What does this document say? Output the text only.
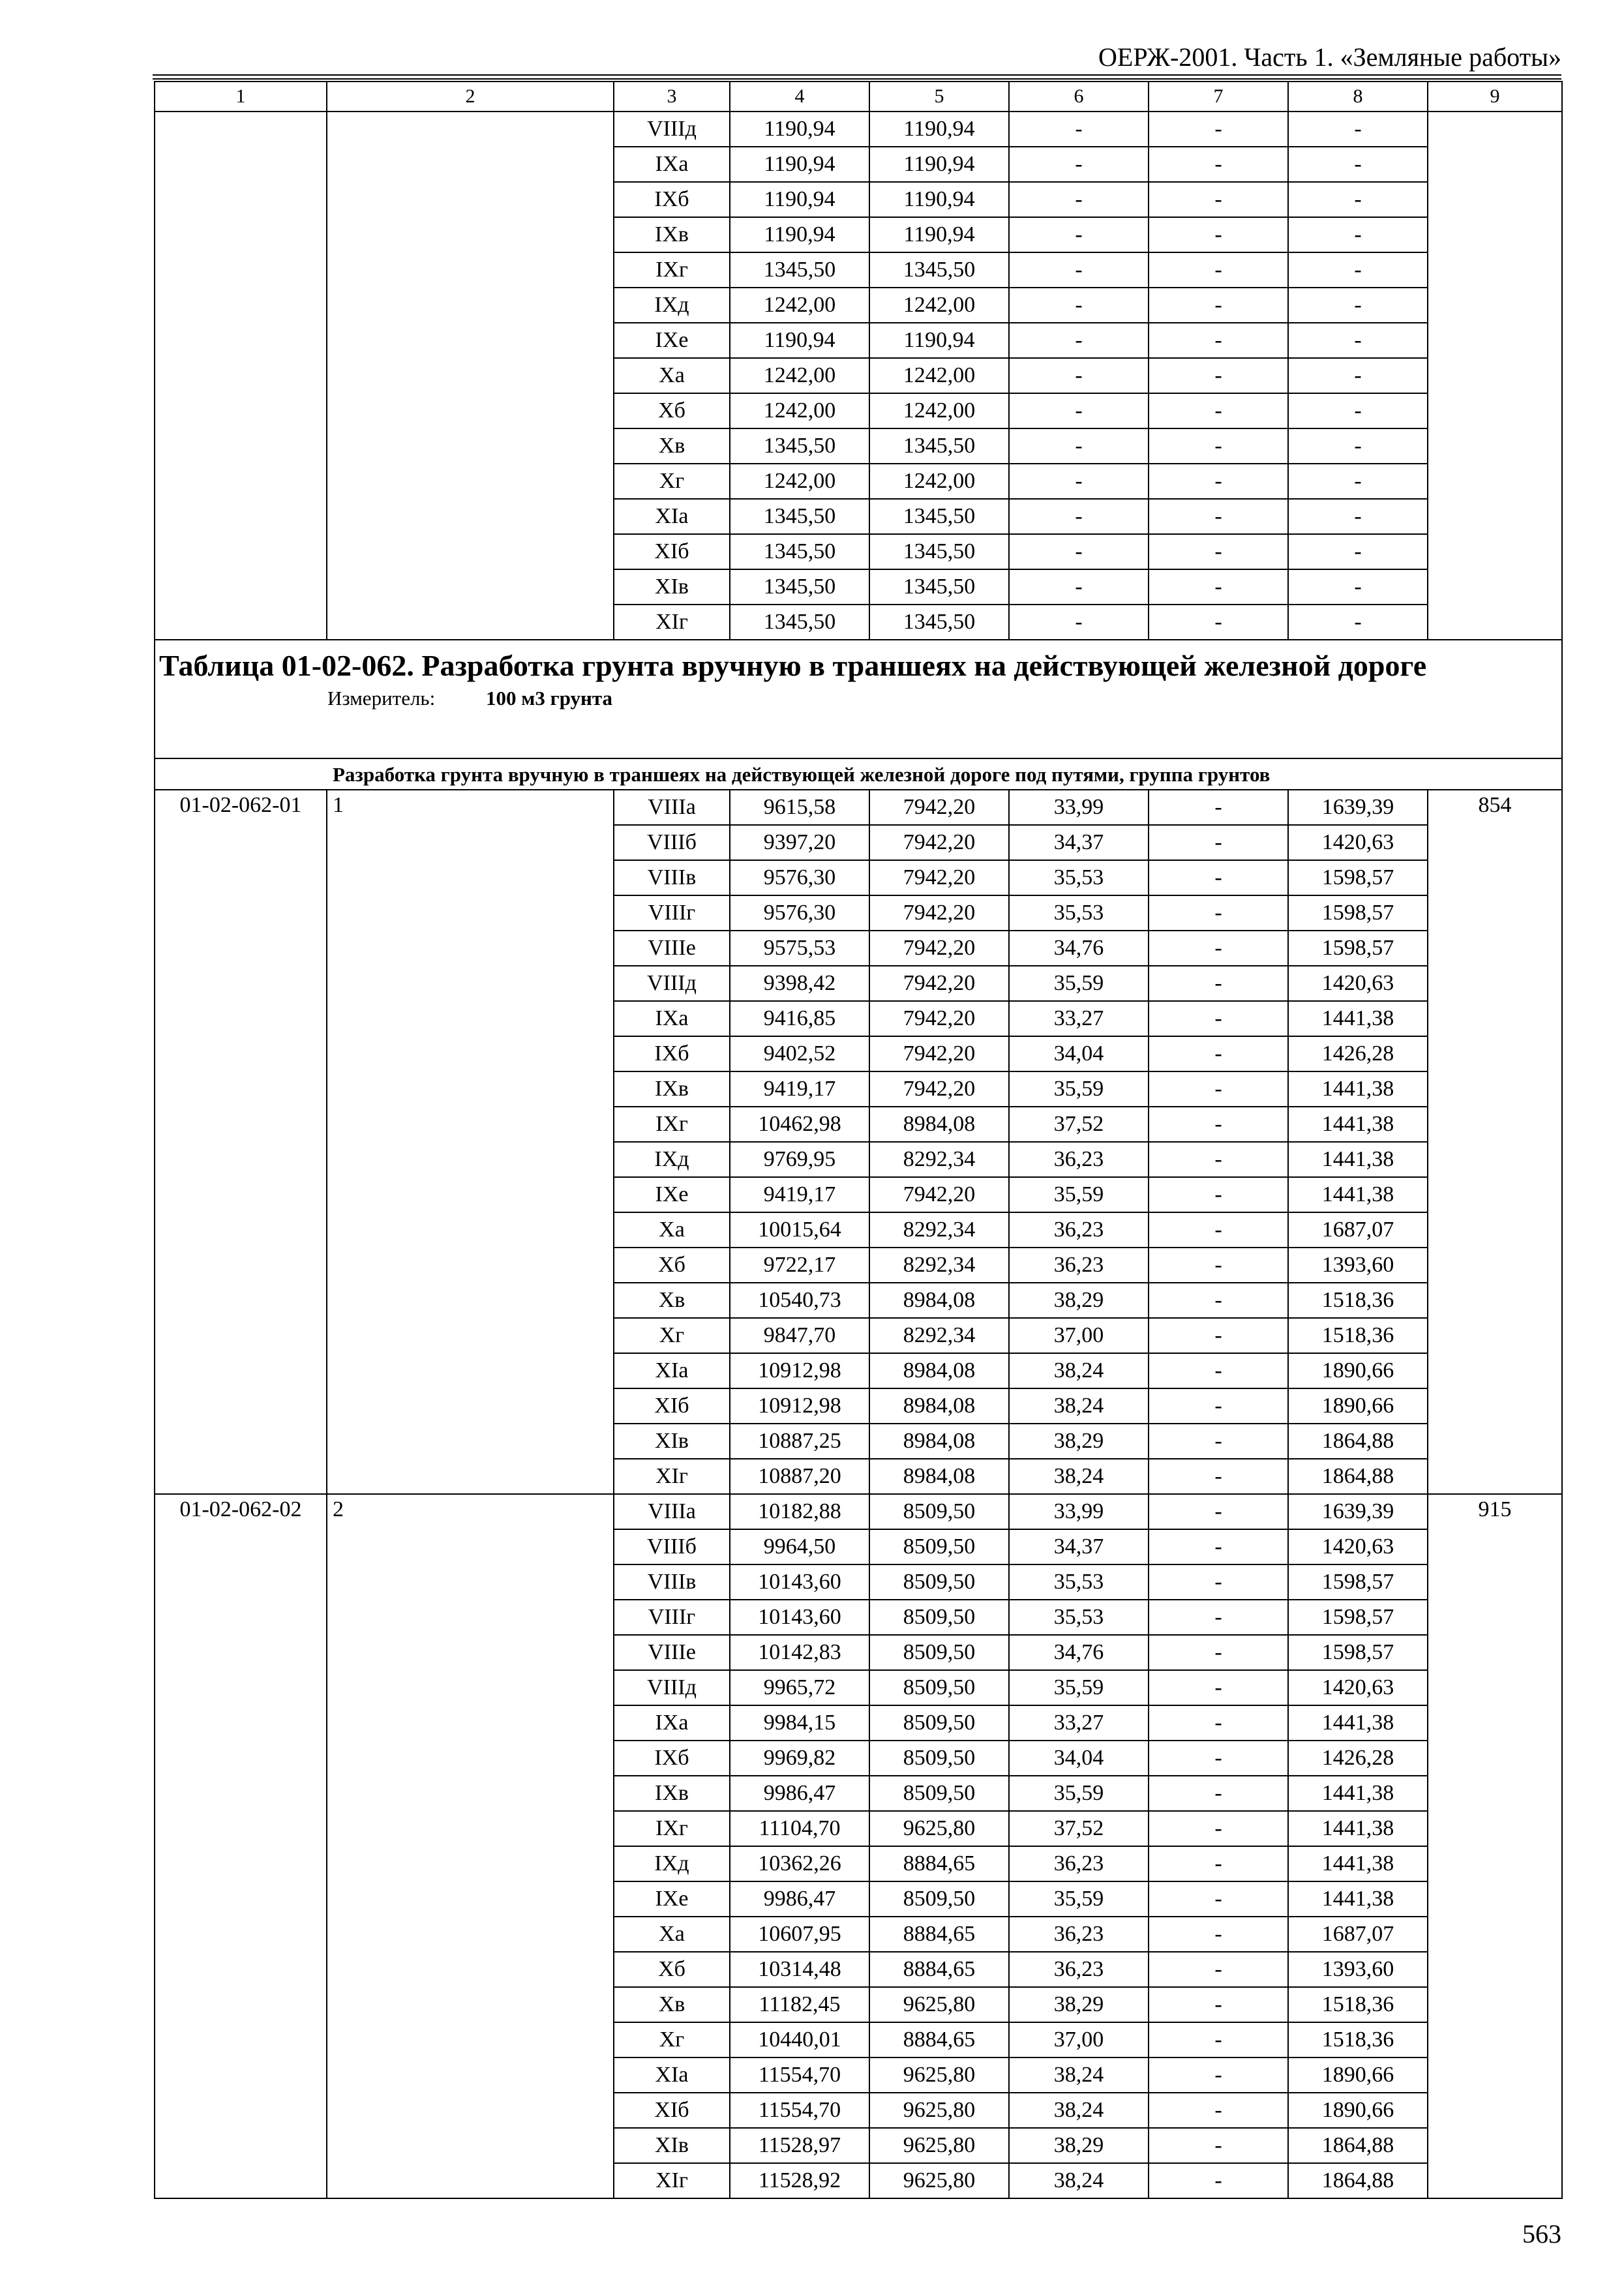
ОЕРЖ-2001. Часть 1. «Земляные работы»
1	2	3	4	5	6	7	8	9
		VIIIд	1190,94	1190,94	-	-	-	
		IXa	1190,94	1190,94	-	-	-	
		IXб	1190,94	1190,94	-	-	-	
		IXв	1190,94	1190,94	-	-	-	
		IXг	1345,50	1345,50	-	-	-	
		IXд	1242,00	1242,00	-	-	-	
		IXe	1190,94	1190,94	-	-	-	
		Xa	1242,00	1242,00	-	-	-	
		Xб	1242,00	1242,00	-	-	-	
		Xв	1345,50	1345,50	-	-	-	
		Xг	1242,00	1242,00	-	-	-	
		XIa	1345,50	1345,50	-	-	-	
		XIб	1345,50	1345,50	-	-	-	
		XIв	1345,50	1345,50	-	-	-	
		XIг	1345,50	1345,50	-	-	-	

Таблица 01-02-062. Разработка грунта вручную в траншеях на действующей железной дороге
Измеритель: 100 м3 грунта								

Разработка грунта вручную в траншеях на действующей железной дороге под путями, группа грунтов								
01-02-062-01	1	VIIIa	9615,58	7942,20	33,99	-	1639,39	854
		VIIIб	9397,20	7942,20	34,37	-	1420,63	
		VIIIв	9576,30	7942,20	35,53	-	1598,57	
		VIIIг	9576,30	7942,20	35,53	-	1598,57	
		VIIIe	9575,53	7942,20	34,76	-	1598,57	
		VIIIд	9398,42	7942,20	35,59	-	1420,63	
		IXa	9416,85	7942,20	33,27	-	1441,38	
		IXб	9402,52	7942,20	34,04	-	1426,28	
		IXв	9419,17	7942,20	35,59	-	1441,38	
		IXг	10462,98	8984,08	37,52	-	1441,38	
		IXд	9769,95	8292,34	36,23	-	1441,38	
		IXe	9419,17	7942,20	35,59	-	1441,38	
		Xa	10015,64	8292,34	36,23	-	1687,07	
		Xб	9722,17	8292,34	36,23	-	1393,60	
		Xв	10540,73	8984,08	38,29	-	1518,36	
		Xг	9847,70	8292,34	37,00	-	1518,36	
		XIa	10912,98	8984,08	38,24	-	1890,66	
		XIб	10912,98	8984,08	38,24	-	1890,66	
		XIв	10887,25	8984,08	38,29	-	1864,88	
		XIг	10887,20	8984,08	38,24	-	1864,88	
01-02-062-02	2	VIIIa	10182,88	8509,50	33,99	-	1639,39	915
		VIIIб	9964,50	8509,50	34,37	-	1420,63	
		VIIIв	10143,60	8509,50	35,53	-	1598,57	
		VIIIг	10143,60	8509,50	35,53	-	1598,57	
		VIIIe	10142,83	8509,50	34,76	-	1598,57	
		VIIIд	9965,72	8509,50	35,59	-	1420,63	
		IXa	9984,15	8509,50	33,27	-	1441,38	
		IXб	9969,82	8509,50	34,04	-	1426,28	
		IXв	9986,47	8509,50	35,59	-	1441,38	
		IXг	11104,70	9625,80	37,52	-	1441,38	
		IXд	10362,26	8884,65	36,23	-	1441,38	
		IXe	9986,47	8509,50	35,59	-	1441,38	
		Xa	10607,95	8884,65	36,23	-	1687,07	
		Xб	10314,48	8884,65	36,23	-	1393,60	
		Xв	11182,45	9625,80	38,29	-	1518,36	
		Xг	10440,01	8884,65	37,00	-	1518,36	
		XIa	11554,70	9625,80	38,24	-	1890,66	
		XIб	11554,70	9625,80	38,24	-	1890,66	
		XIв	11528,97	9625,80	38,29	-	1864,88	
		XIг	11528,92	9625,80	38,24	-	1864,88	
563
